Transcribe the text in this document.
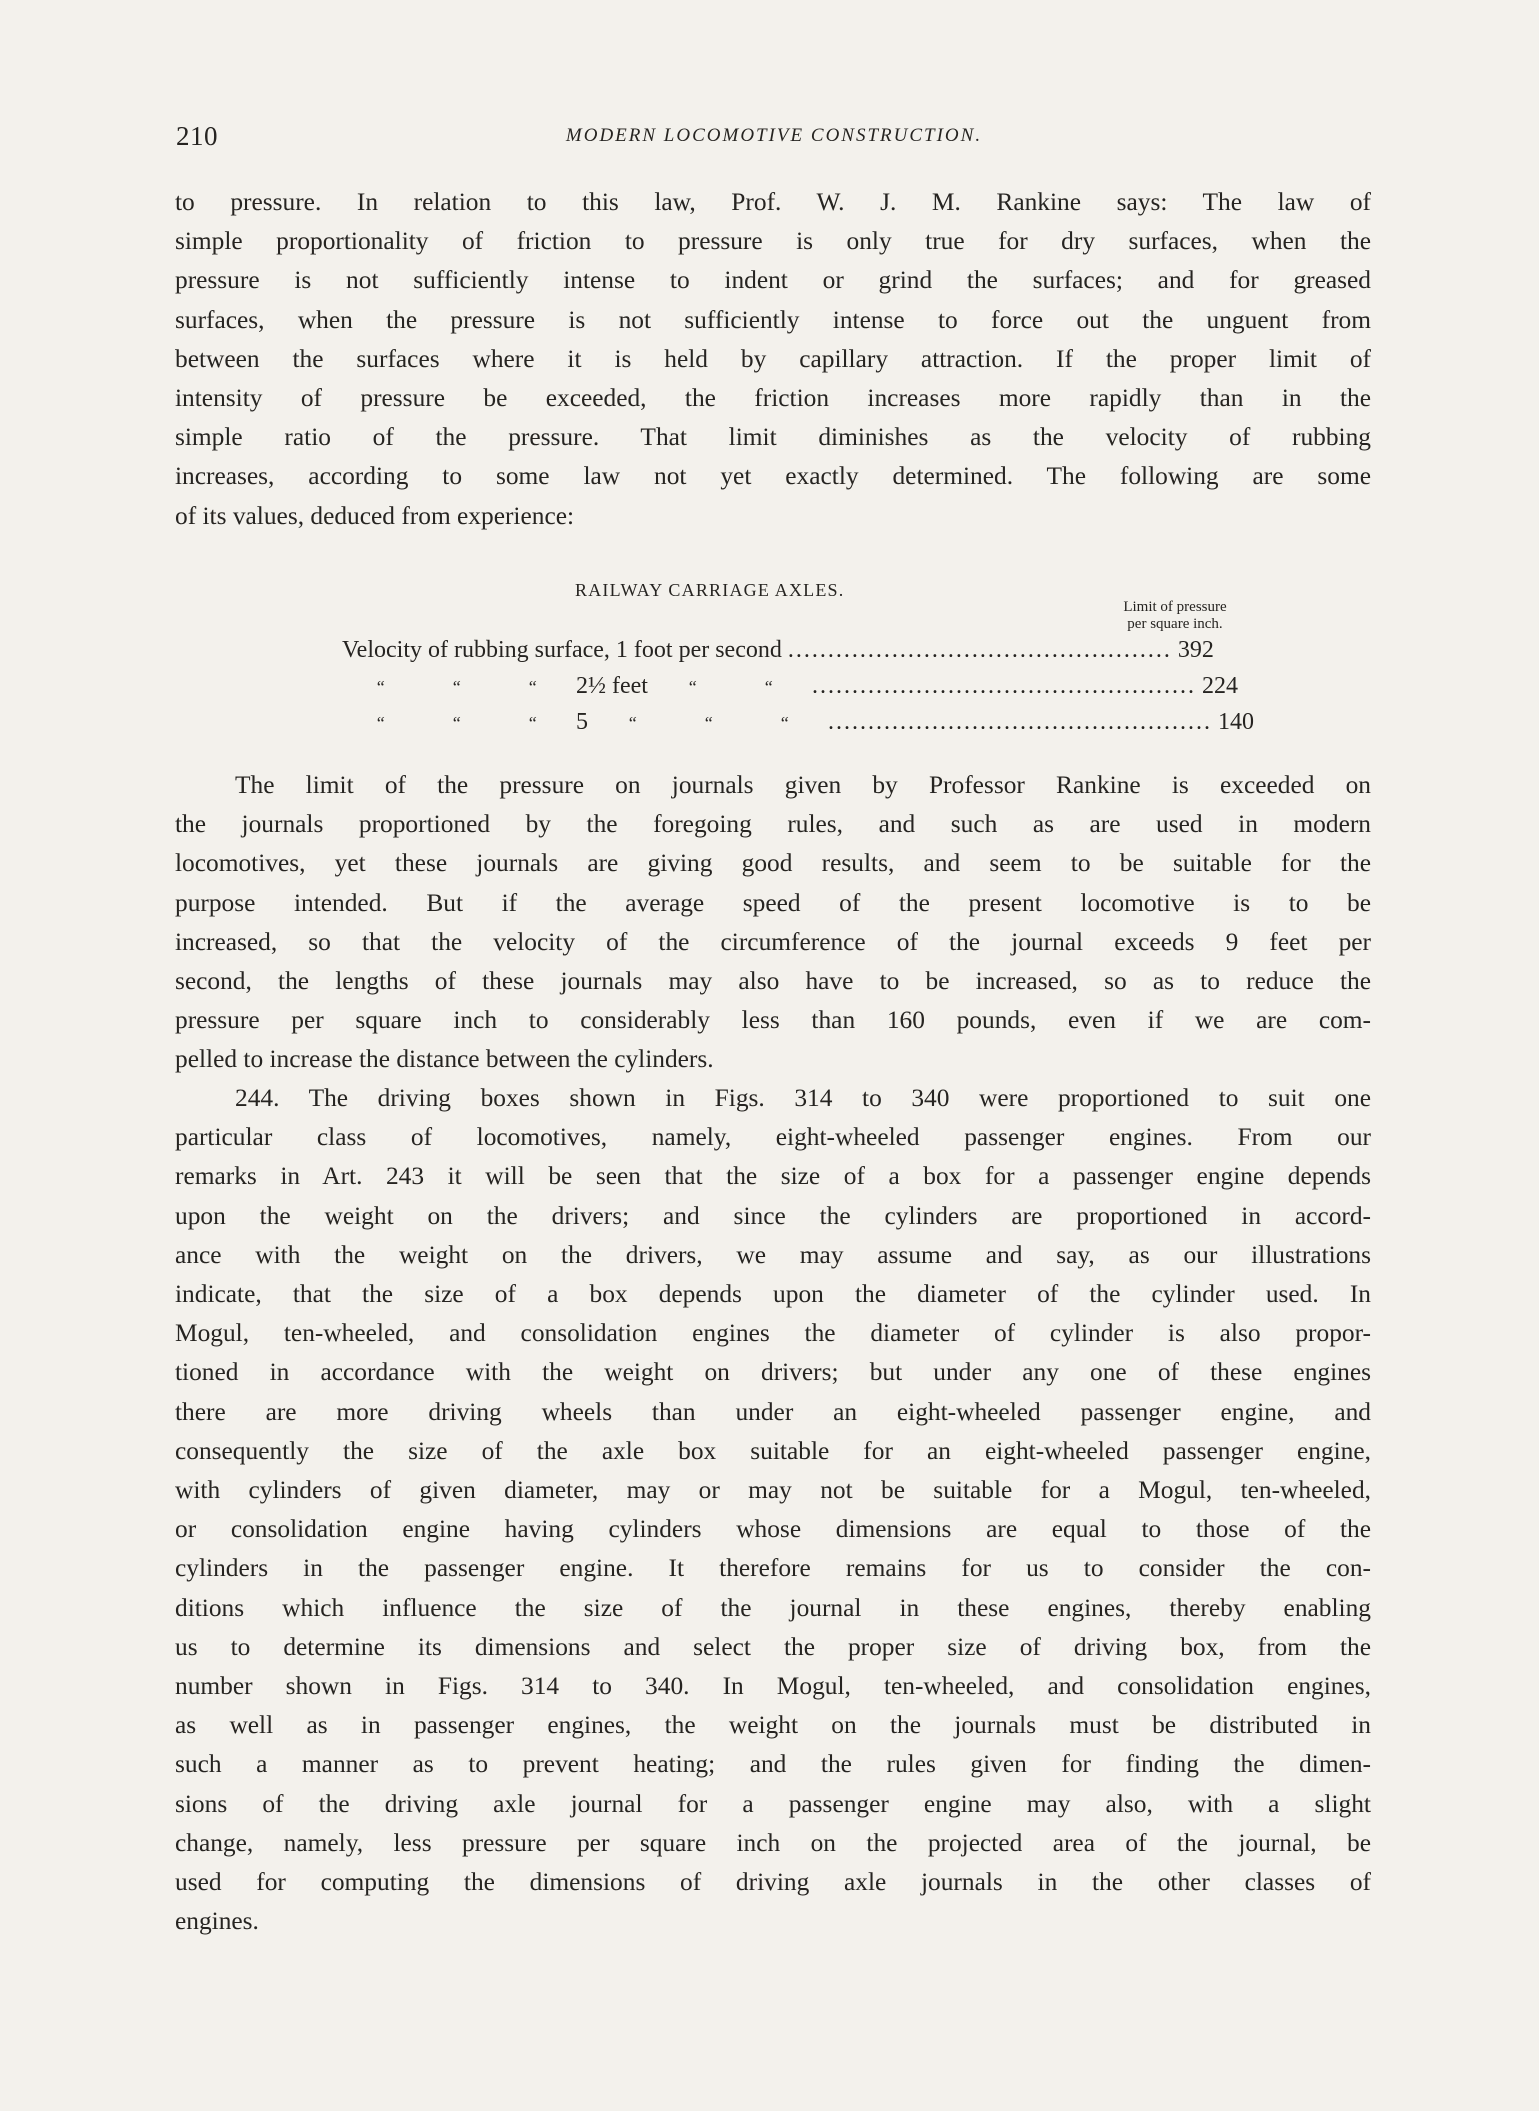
210	MODERN LOCOMOTIVE CONSTRUCTION.

to pressure. In relation to this law, Prof. W. J. M. Rankine says: The law of
simple proportionality of friction to pressure is only true for dry surfaces, when the
pressure is not sufficiently intense to indent or grind the surfaces; and for greased
surfaces, when the pressure is not sufficiently intense to force out the unguent from
between the surfaces where it is held by capillary attraction. If the proper limit of
intensity of pressure be exceeded, the friction increases more rapidly than in the
simple ratio of the pressure. That limit diminishes as the velocity of rubbing
increases, according to some law not yet exactly determined. The following are some
of its values, deduced from experience:

RAILWAY CARRIAGE AXLES.
Limit of pressure
per square inch.
Velocity of rubbing surface, 1 foot per second ................................................ 392
“	“	“ 2½ feet “	“	................................................ 224
“	“	“ 5 “	“	“	................................................ 140

The limit of the pressure on journals given by Professor Rankine is exceeded on
the journals proportioned by the foregoing rules, and such as are used in modern
locomotives, yet these journals are giving good results, and seem to be suitable for the
purpose intended. But if the average speed of the present locomotive is to be
increased, so that the velocity of the circumference of the journal exceeds 9 feet per
second, the lengths of these journals may also have to be increased, so as to reduce the
pressure per square inch to considerably less than 160 pounds, even if we are com-
pelled to increase the distance between the cylinders.

244. The driving boxes shown in Figs. 314 to 340 were proportioned to suit one
particular class of locomotives, namely, eight-wheeled passenger engines. From our
remarks in Art. 243 it will be seen that the size of a box for a passenger engine depends
upon the weight on the drivers; and since the cylinders are proportioned in accord-
ance with the weight on the drivers, we may assume and say, as our illustrations
indicate, that the size of a box depends upon the diameter of the cylinder used. In
Mogul, ten-wheeled, and consolidation engines the diameter of cylinder is also propor-
tioned in accordance with the weight on drivers; but under any one of these engines
there are more driving wheels than under an eight-wheeled passenger engine, and
consequently the size of the axle box suitable for an eight-wheeled passenger engine,
with cylinders of given diameter, may or may not be suitable for a Mogul, ten-wheeled,
or consolidation engine having cylinders whose dimensions are equal to those of the
cylinders in the passenger engine. It therefore remains for us to consider the con-
ditions which influence the size of the journal in these engines, thereby enabling
us to determine its dimensions and select the proper size of driving box, from the
number shown in Figs. 314 to 340. In Mogul, ten-wheeled, and consolidation engines,
as well as in passenger engines, the weight on the journals must be distributed in
such a manner as to prevent heating; and the rules given for finding the dimen-
sions of the driving axle journal for a passenger engine may also, with a slight
change, namely, less pressure per square inch on the projected area of the journal, be
used for computing the dimensions of driving axle journals in the other classes of
engines.
